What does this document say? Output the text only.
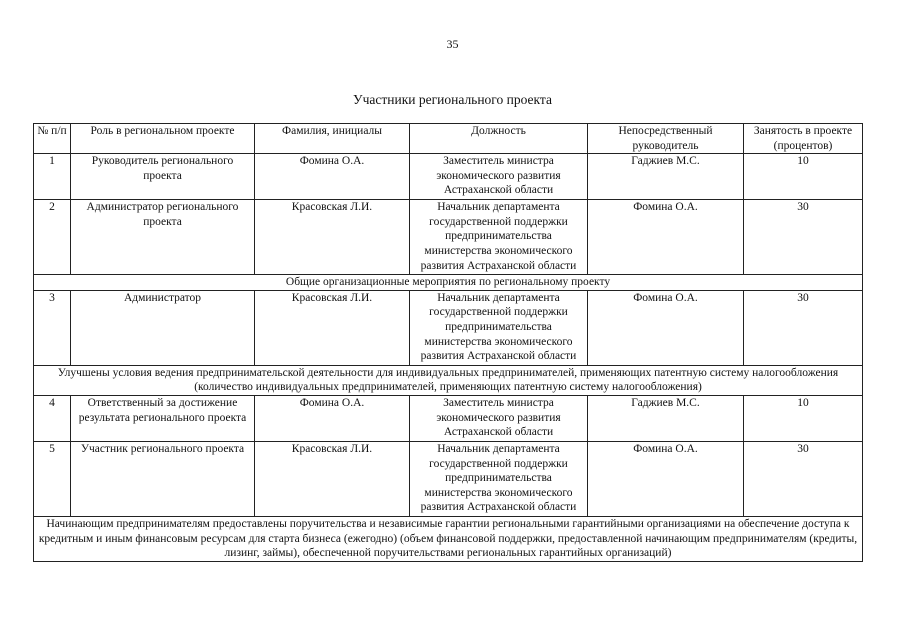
35
Участники регионального проекта
№ п/п	Роль в региональном проекте	Фамилия, инициалы	Должность	Непосредственный руководитель	Занятость в проекте (процентов)
1	Руководитель регионального проекта	Фомина О.А.	Заместитель министра экономического развития Астраханской области	Гаджиев М.С.	10
2	Администратор регионального проекта	Красовская Л.И.	Начальник департамента государственной поддержки предпринимательства министерства экономического развития Астраханской области	Фомина О.А.	30
Общие организационные мероприятия по региональному проекту					
3	Администратор	Красовская Л.И.	Начальник департамента государственной поддержки предпринимательства министерства экономического развития Астраханской области	Фомина О.А.	30
Улучшены условия ведения предпринимательской деятельности для индивидуальных предпринимателей, применяющих патентную систему налогообложения (количество индивидуальных предпринимателей, применяющих патентную систему налогообложения)					
4	Ответственный за достижение результата регионального проекта	Фомина О.А.	Заместитель министра экономического развития Астраханской области	Гаджиев М.С.	10
5	Участник регионального проекта	Красовская Л.И.	Начальник департамента государственной поддержки предпринимательства министерства экономического развития Астраханской области	Фомина О.А.	30
Начинающим предпринимателям предоставлены поручительства и независимые гарантии региональными гарантийными организациями на обеспечение доступа к кредитным и иным финансовым ресурсам для старта бизнеса (ежегодно) (объем финансовой поддержки, предоставленной начинающим предпринимателям (кредиты, лизинг, займы), обеспеченной поручительствами региональных гарантийных организаций)					
